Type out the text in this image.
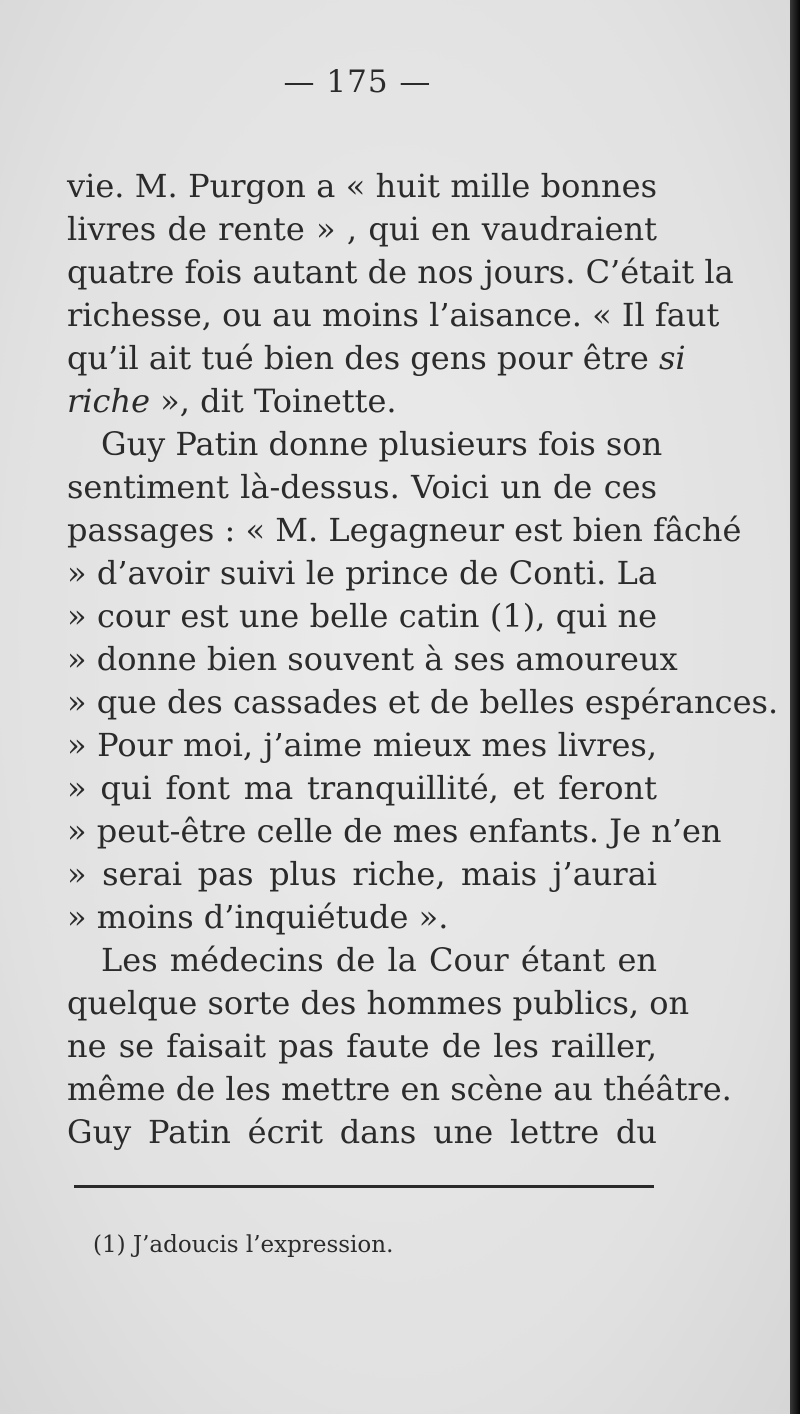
— 175 —
vie. M. Purgon a « huit mille bonnes
livres de rente » , qui en vaudraient
quatre fois autant de nos jours. C’était la
richesse, ou au moins l’aisance. « Il faut
qu’il ait tué bien des gens pour être si
riche », dit Toinette.
Guy Patin donne plusieurs fois son
sentiment là-dessus. Voici un de ces
passages : « M. Legagneur est bien fâché
» d’avoir suivi le prince de Conti. La
» cour est une belle catin (1), qui ne
» donne bien souvent à ses amoureux
» que des cassades et de belles espérances.
» Pour moi, j’aime mieux mes livres,
» qui font ma tranquillité, et feront
» peut-être celle de mes enfants. Je n’en
» serai pas plus riche, mais j’aurai
» moins d’inquiétude ».
Les médecins de la Cour étant en
quelque sorte des hommes publics, on
ne se faisait pas faute de les railler,
même de les mettre en scène au théâtre.
Guy Patin écrit dans une lettre du
(1) J’adoucis l’expression.
